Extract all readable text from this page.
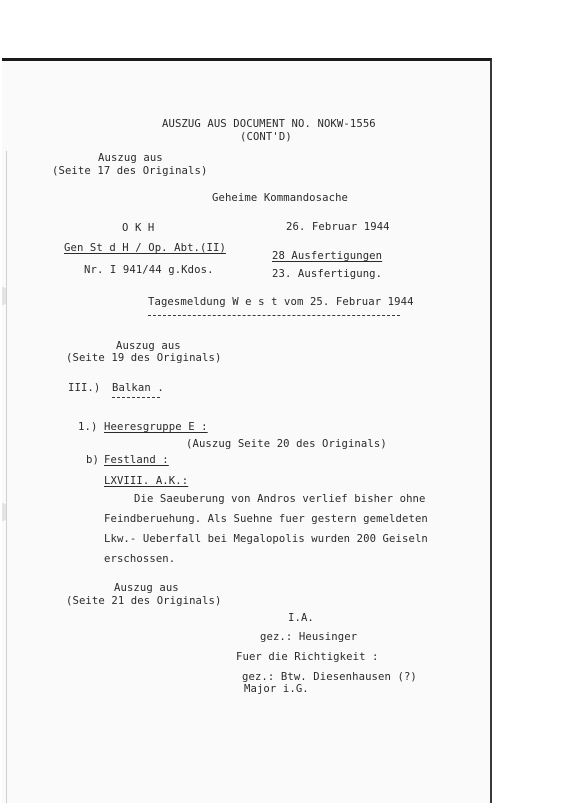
AUSZUG AUS DOCUMENT NO. NOKW-1556
(CONT'D)
Auszug aus
(Seite 17 des Originals)
Geheime Kommandosache
O K H
Gen St d H / Op. Abt.(II)
Nr. I 941/44 g.Kdos.
26. Februar 1944
28 Ausfertigungen
23. Ausfertigung.
Tagesmeldung W e s t vom 25. Februar 1944
Auszug aus
(Seite 19 des Originals)
III.) Balkan .
1.) Heeresgruppe E :
(Auszug Seite 20 des Originals)
b) Festland :
LXVIII. A.K.:
Die Saeuberung von Andros verlief bisher ohne
Feindberuehung. Als Suehne fuer gestern gemeldeten
Lkw.- Ueberfall bei Megalopolis wurden 200 Geiseln
erschossen.
Auszug aus
(Seite 21 des Originals)
I.A.
gez.: Heusinger
Fuer die Richtigkeit :
gez.: Btw. Diesenhausen (?)
Major i.G.
